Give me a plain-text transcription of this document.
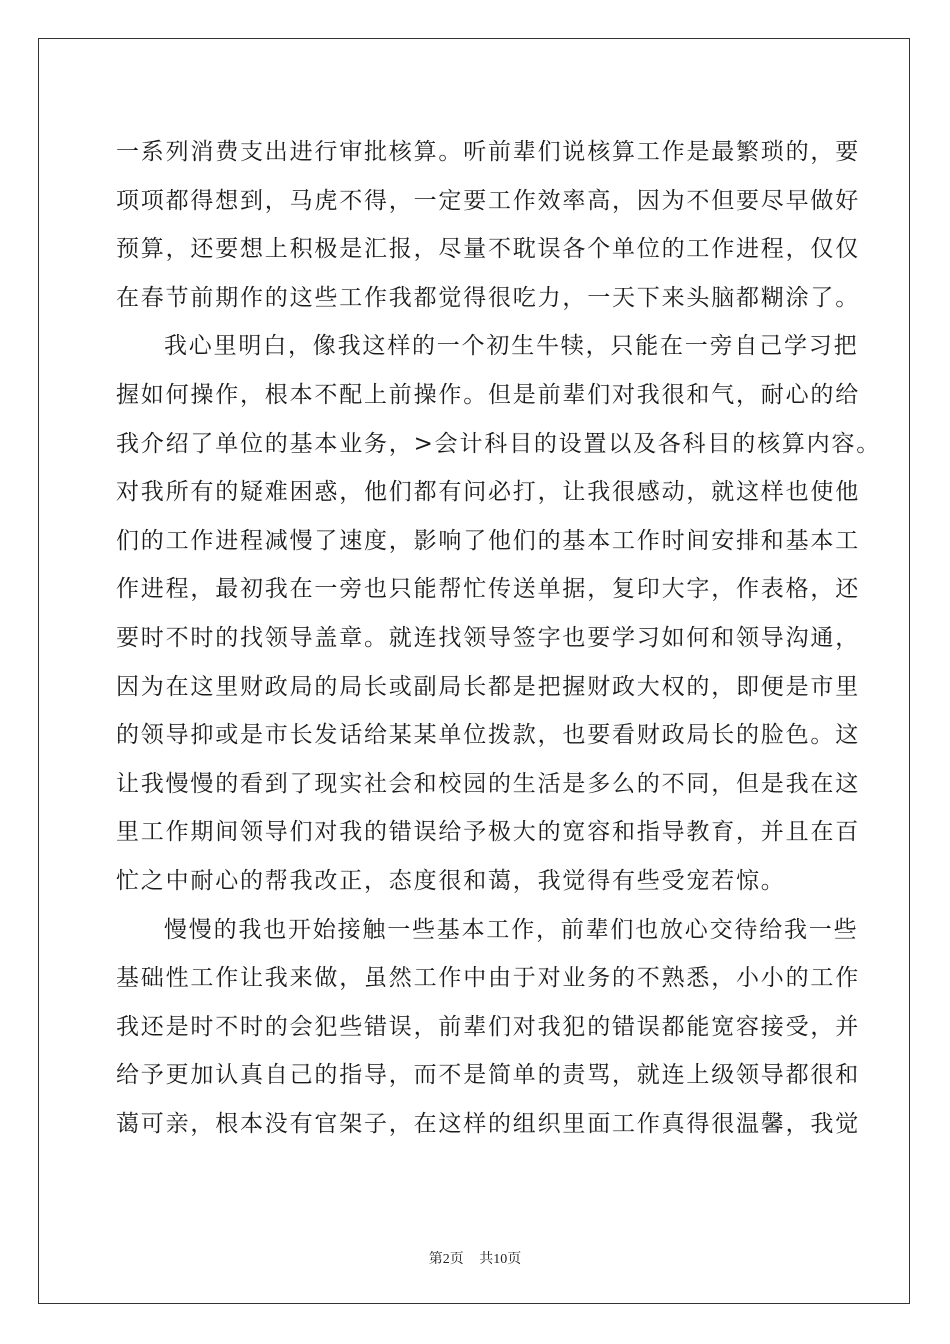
一系列消费支出进行审批核算。听前辈们说核算工作是最繁琐的，要
项项都得想到，马虎不得，一定要工作效率高，因为不但要尽早做好
预算，还要想上积极是汇报，尽量不耽误各个单位的工作进程，仅仅
在春节前期作的这些工作我都觉得很吃力，一天下来头脑都糊涂了。
我心里明白，像我这样的一个初生牛犊，只能在一旁自己学习把
握如何操作，根本不配上前操作。但是前辈们对我很和气，耐心的给
我介绍了单位的基本业务，>会计科目的设置以及各科目的核算内容。
对我所有的疑难困惑，他们都有问必打，让我很感动，就这样也使他
们的工作进程减慢了速度，影响了他们的基本工作时间安排和基本工
作进程，最初我在一旁也只能帮忙传送单据，复印大字，作表格，还
要时不时的找领导盖章。就连找领导签字也要学习如何和领导沟通，
因为在这里财政局的局长或副局长都是把握财政大权的，即便是市里
的领导抑或是市长发话给某某单位拨款，也要看财政局长的脸色。这
让我慢慢的看到了现实社会和校园的生活是多么的不同，但是我在这
里工作期间领导们对我的错误给予极大的宽容和指导教育，并且在百
忙之中耐心的帮我改正，态度很和蔼，我觉得有些受宠若惊。
慢慢的我也开始接触一些基本工作，前辈们也放心交待给我一些
基础性工作让我来做，虽然工作中由于对业务的不熟悉，小小的工作
我还是时不时的会犯些错误，前辈们对我犯的错误都能宽容接受，并
给予更加认真自己的指导，而不是简单的责骂，就连上级领导都很和
蔼可亲，根本没有官架子，在这样的组织里面工作真得很温馨，我觉
第2页 共10页
